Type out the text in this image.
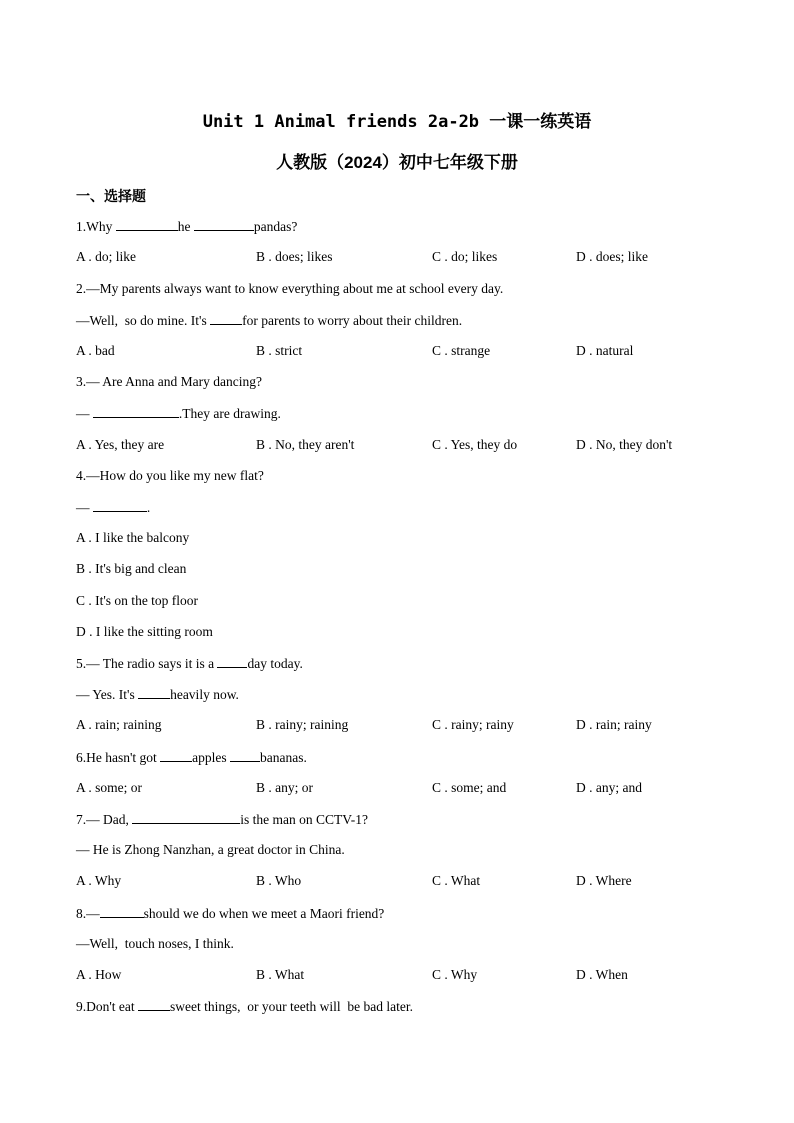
Unit 1 Animal friends 2a-2b 一课一练英语
人教版（2024）初中七年级下册
一、选择题
1.Why	he	pandas?
A . do; like	B . does; likes	C . do; likes	D . does; like
2.—My parents always want to know everything about me at school every day.
—Well,  so do mine. It's for parents to worry about their children.
A . bad	B . strict	C . strange	D . natural
3.— Are Anna and Mary dancing?
—	.They are drawing.
A . Yes, they are	B . No, they aren't	C . Yes, they do	D . No, they don't
4.—How do you like my new flat?
—	.
A . I like the balcony
B . It's big and clean
C . It's on the top floor
D . I like the sitting room
5.— The radio says it is a day today.
— Yes. It's heavily now.
A . rain; raining	B . rainy; raining	C . rainy; rainy	D . rain; rainy
6.He hasn't got apples bananas.
A . some; or	B . any; or	C . some; and	D . any; and
7.— Dad,	is the man on CCTV-1?
— He is Zhong Nanzhan, a great doctor in China.
A . Why	B . Who	C . What	D . Where
8.—	should we do when we meet a Maori friend?
—Well,  touch noses, I think.
A . How	B . What	C . Why	D . When
9.Don't eat sweet things,  or your teeth will  be bad later.
